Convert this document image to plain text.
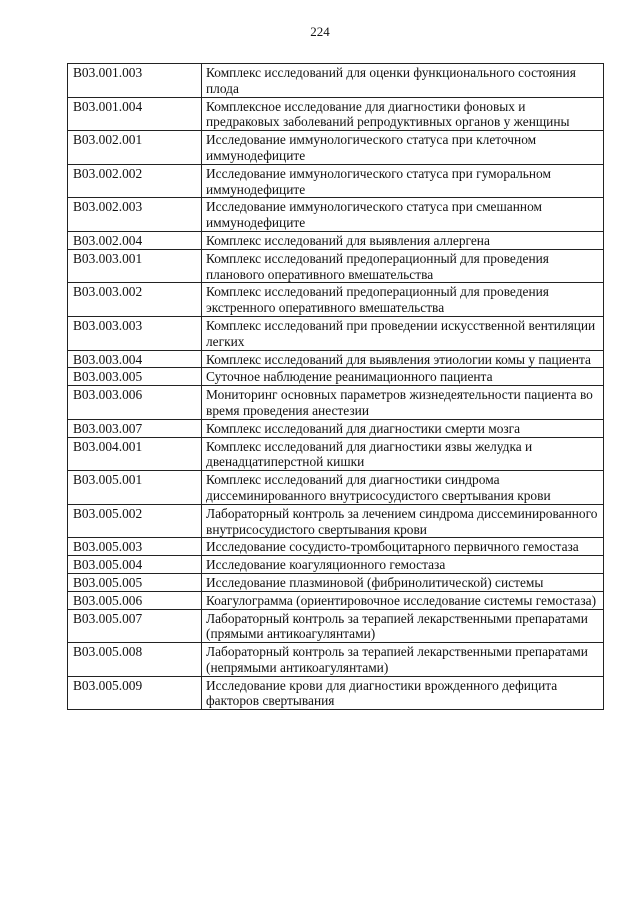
224
B03.001.003	Комплекс исследований для оценки функционального состояния плода
B03.001.004	Комплексное исследование для диагностики фоновых и предраковых заболеваний репродуктивных органов у женщины
B03.002.001	Исследование иммунологического статуса при клеточном иммунодефиците
B03.002.002	Исследование иммунологического статуса при гуморальном иммунодефиците
B03.002.003	Исследование иммунологического статуса при смешанном иммунодефиците
B03.002.004	Комплекс исследований для выявления аллергена
B03.003.001	Комплекс исследований предоперационный для проведения планового оперативного вмешательства
B03.003.002	Комплекс исследований предоперационный для проведения экстренного оперативного вмешательства
B03.003.003	Комплекс исследований при проведении искусственной вентиляции легких
B03.003.004	Комплекс исследований для выявления этиологии комы у пациента
B03.003.005	Суточное наблюдение реанимационного пациента
B03.003.006	Мониторинг основных параметров жизнедеятельности пациента во время проведения анестезии
B03.003.007	Комплекс исследований для диагностики смерти мозга
B03.004.001	Комплекс исследований для диагностики язвы желудка и двенадцатиперстной кишки
B03.005.001	Комплекс исследований для диагностики синдрома диссеминированного внутрисосудистого свертывания крови
B03.005.002	Лабораторный контроль за лечением синдрома диссеминированного внутрисосудистого свертывания крови
B03.005.003	Исследование сосудисто-тромбоцитарного первичного гемостаза
B03.005.004	Исследование коагуляционного гемостаза
B03.005.005	Исследование плазминовой (фибринолитической) системы
B03.005.006	Коагулограмма (ориентировочное исследование системы гемостаза)
B03.005.007	Лабораторный контроль за терапией лекарственными препаратами (прямыми антикоагулянтами)
B03.005.008	Лабораторный контроль за терапией лекарственными препаратами (непрямыми антикоагулянтами)
B03.005.009	Исследование крови для диагностики врожденного дефицита факторов свертывания
